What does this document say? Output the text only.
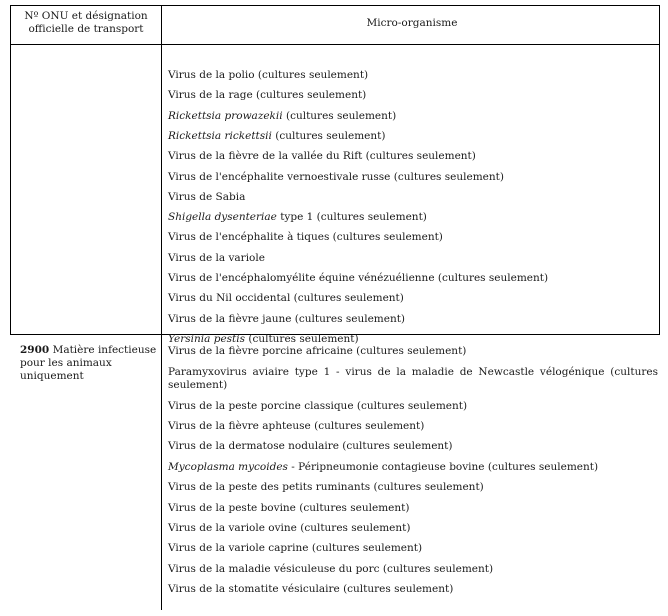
Nº ONU et désignation officielle de transport	Micro-organisme
Virus de la polio (cultures seulement)
Virus de la rage (cultures seulement)
Rickettsia prowazekii (cultures seulement)
Rickettsia rickettsii (cultures seulement)
Virus de la fièvre de la vallée du Rift (cultures seulement)
Virus de l'encéphalite vernoestivale russe (cultures seulement)
Virus de Sabia
Shigella dysenteriae type 1 (cultures seulement)
Virus de l'encéphalite à tiques (cultures seulement)
Virus de la variole
Virus de l'encéphalomyélite équine vénézuélienne (cultures seulement)
Virus du Nil occidental (cultures seulement)
Virus de la fièvre jaune (cultures seulement)
Yersinia pestis (cultures seulement)
2900 Matière infectieuse pour les animaux uniquement
Virus de la fièvre porcine africaine (cultures seulement)
Paramyxovirus aviaire type 1 - virus de la maladie de Newcastle vélogénique (cultures seulement)
Virus de la peste porcine classique (cultures seulement)
Virus de la fièvre aphteuse (cultures seulement)
Virus de la dermatose nodulaire (cultures seulement)
Mycoplasma mycoides - Péripneumonie contagieuse bovine (cultures seulement)
Virus de la peste des petits ruminants (cultures seulement)
Virus de la peste bovine (cultures seulement)
Virus de la variole ovine (cultures seulement)
Virus de la variole caprine (cultures seulement)
Virus de la maladie vésiculeuse du porc (cultures seulement)
Virus de la stomatite vésiculaire (cultures seulement)
